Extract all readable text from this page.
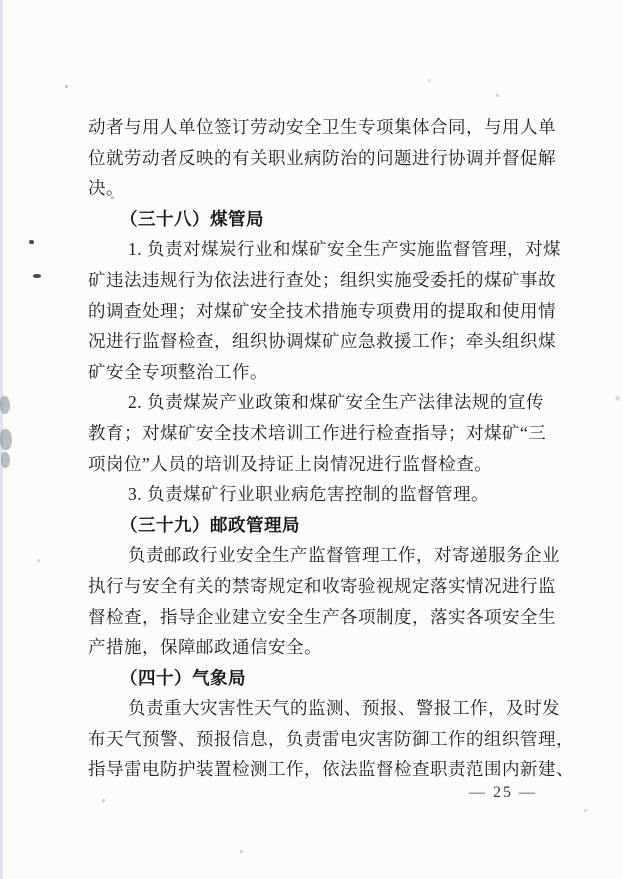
动者与用人单位签订劳动安全卫生专项集体合同，与用人单
位就劳动者反映的有关职业病防治的问题进行协调并督促解
决。
（三十八）煤管局
1. 负责对煤炭行业和煤矿安全生产实施监督管理，对煤
矿违法违规行为依法进行查处；组织实施受委托的煤矿事故
的调查处理；对煤矿安全技术措施专项费用的提取和使用情
况进行监督检查，组织协调煤矿应急救援工作；牵头组织煤
矿安全专项整治工作。
2. 负责煤炭产业政策和煤矿安全生产法律法规的宣传
教育；对煤矿安全技术培训工作进行检查指导；对煤矿“三
项岗位”人员的培训及持证上岗情况进行监督检查。
3. 负责煤矿行业职业病危害控制的监督管理。
（三十九）邮政管理局
负责邮政行业安全生产监督管理工作，对寄递服务企业
执行与安全有关的禁寄规定和收寄验视规定落实情况进行监
督检查，指导企业建立安全生产各项制度，落实各项安全生
产措施，保障邮政通信安全。
（四十）气象局
负责重大灾害性天气的监测、预报、警报工作，及时发
布天气预警、预报信息，负责雷电灾害防御工作的组织管理，
指导雷电防护装置检测工作，依法监督检查职责范围内新建、
— 25 —
